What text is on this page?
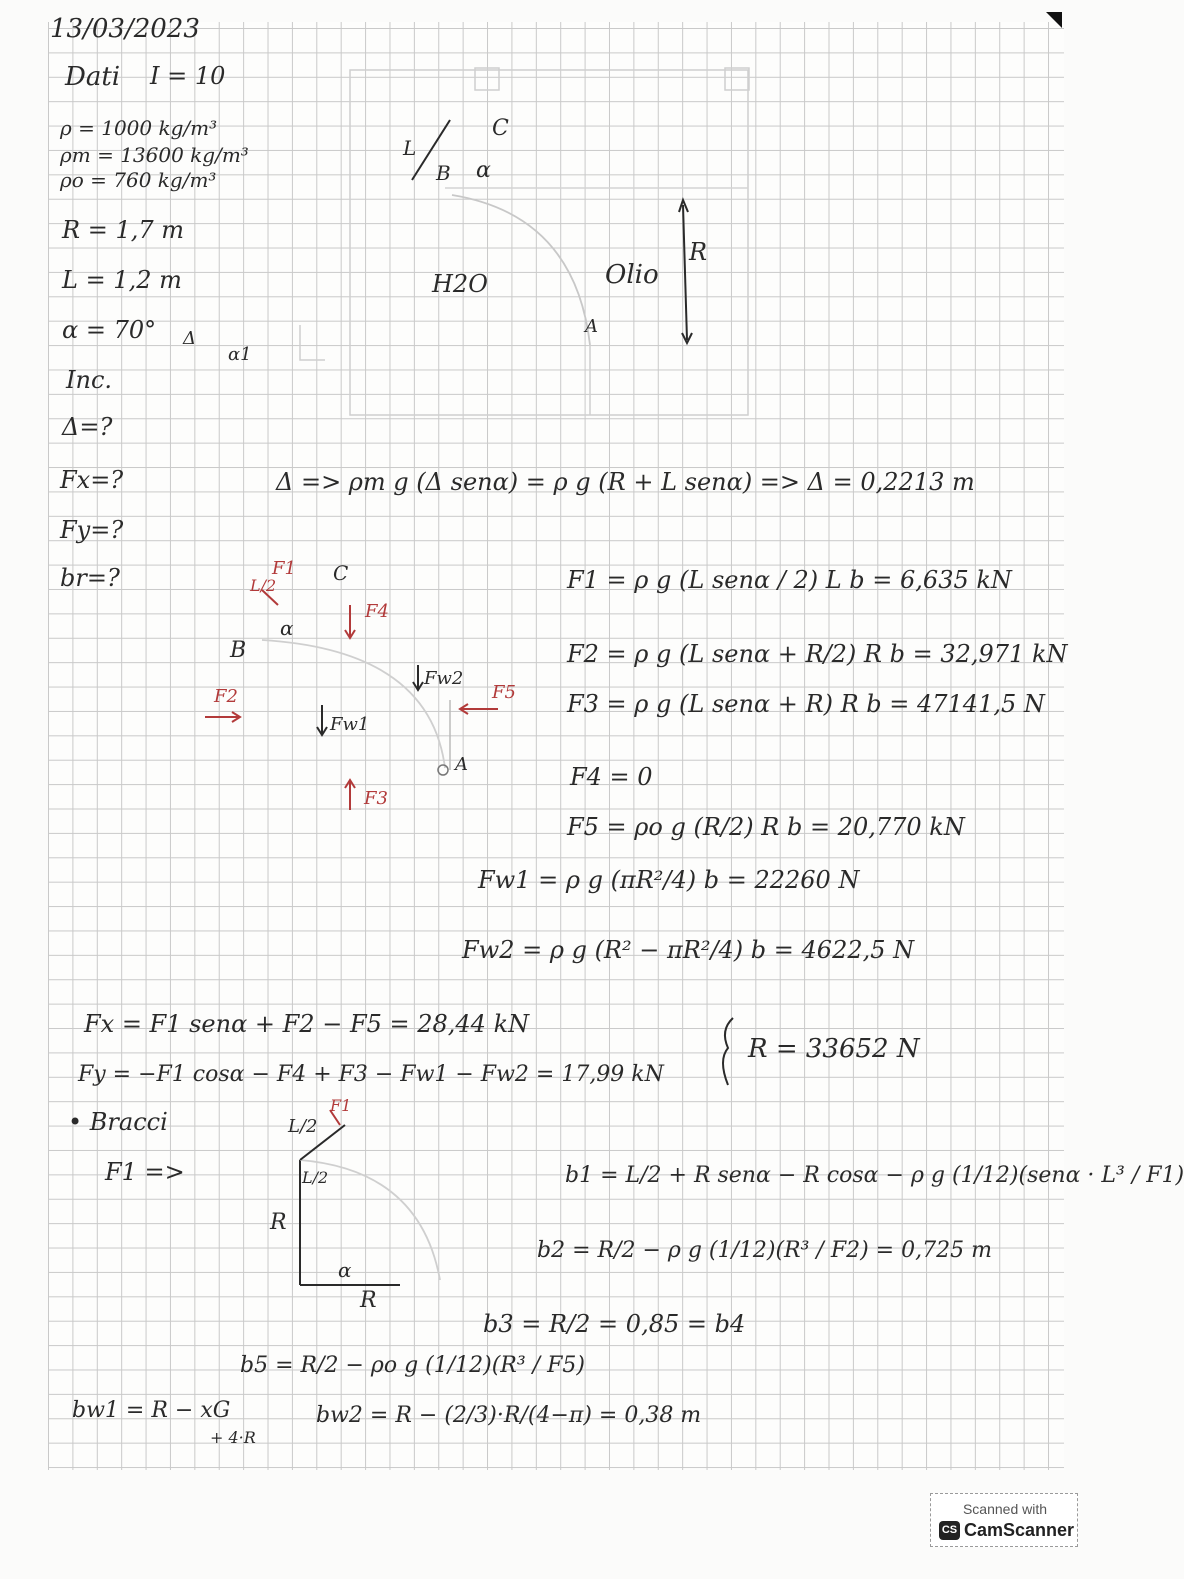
13/03/2023
Dati I = 10
ρ = 1000 kg/m³
ρm = 13600 kg/m³
ρo = 760 kg/m³
R = 1,7 m
L = 1,2 m
α = 70°
Inc.
Δ=?
Fx=?
Fy=?
br=?
H2O	Olio
R
A
B
C
L
α
Δ
α1
Δ => ρm g (Δ senα) = ρ g (R + L senα) => Δ = 0,2213 m
F1
F2
F3
F4
F5
Fw1
Fw2
C
B
A
L/2
α
F1 = ρ g (L senα / 2) L b = 6,635 kN
F2 = ρ g (L senα + R/2) R b = 32,971 kN
F3 = ρ g (L senα + R) R b = 47141,5 N
F4 = 0
F5 = ρo g (R/2) R b = 20,770 kN
Fw1 = ρ g (πR²/4) b = 22260 N
Fw2 = ρ g (R² − πR²/4) b = 4622,5 N
Fx = F1 senα + F2 − F5 = 28,44 kN
Fy = −F1 cosα − F4 + F3 − Fw1 − Fw2 = 17,99 kN
R = 33652 N
• Bracci
F1 =>
L/2
L/2
F1
R
R
α
b1 = L/2 + R senα − R cosα − ρ g (1/12)(senα · L³ / F1)
b2 = R/2 − ρ g (1/12)(R³ / F2) = 0,725 m
b3 = R/2 = 0,85 = b4
b5 = R/2 − ρo g (1/12)(R³ / F5)
bw1 = R − xG
+ 4·R
bw2 = R − (2/3)·R/(4−π) = 0,38 m
Scanned with
CS CamScanner
